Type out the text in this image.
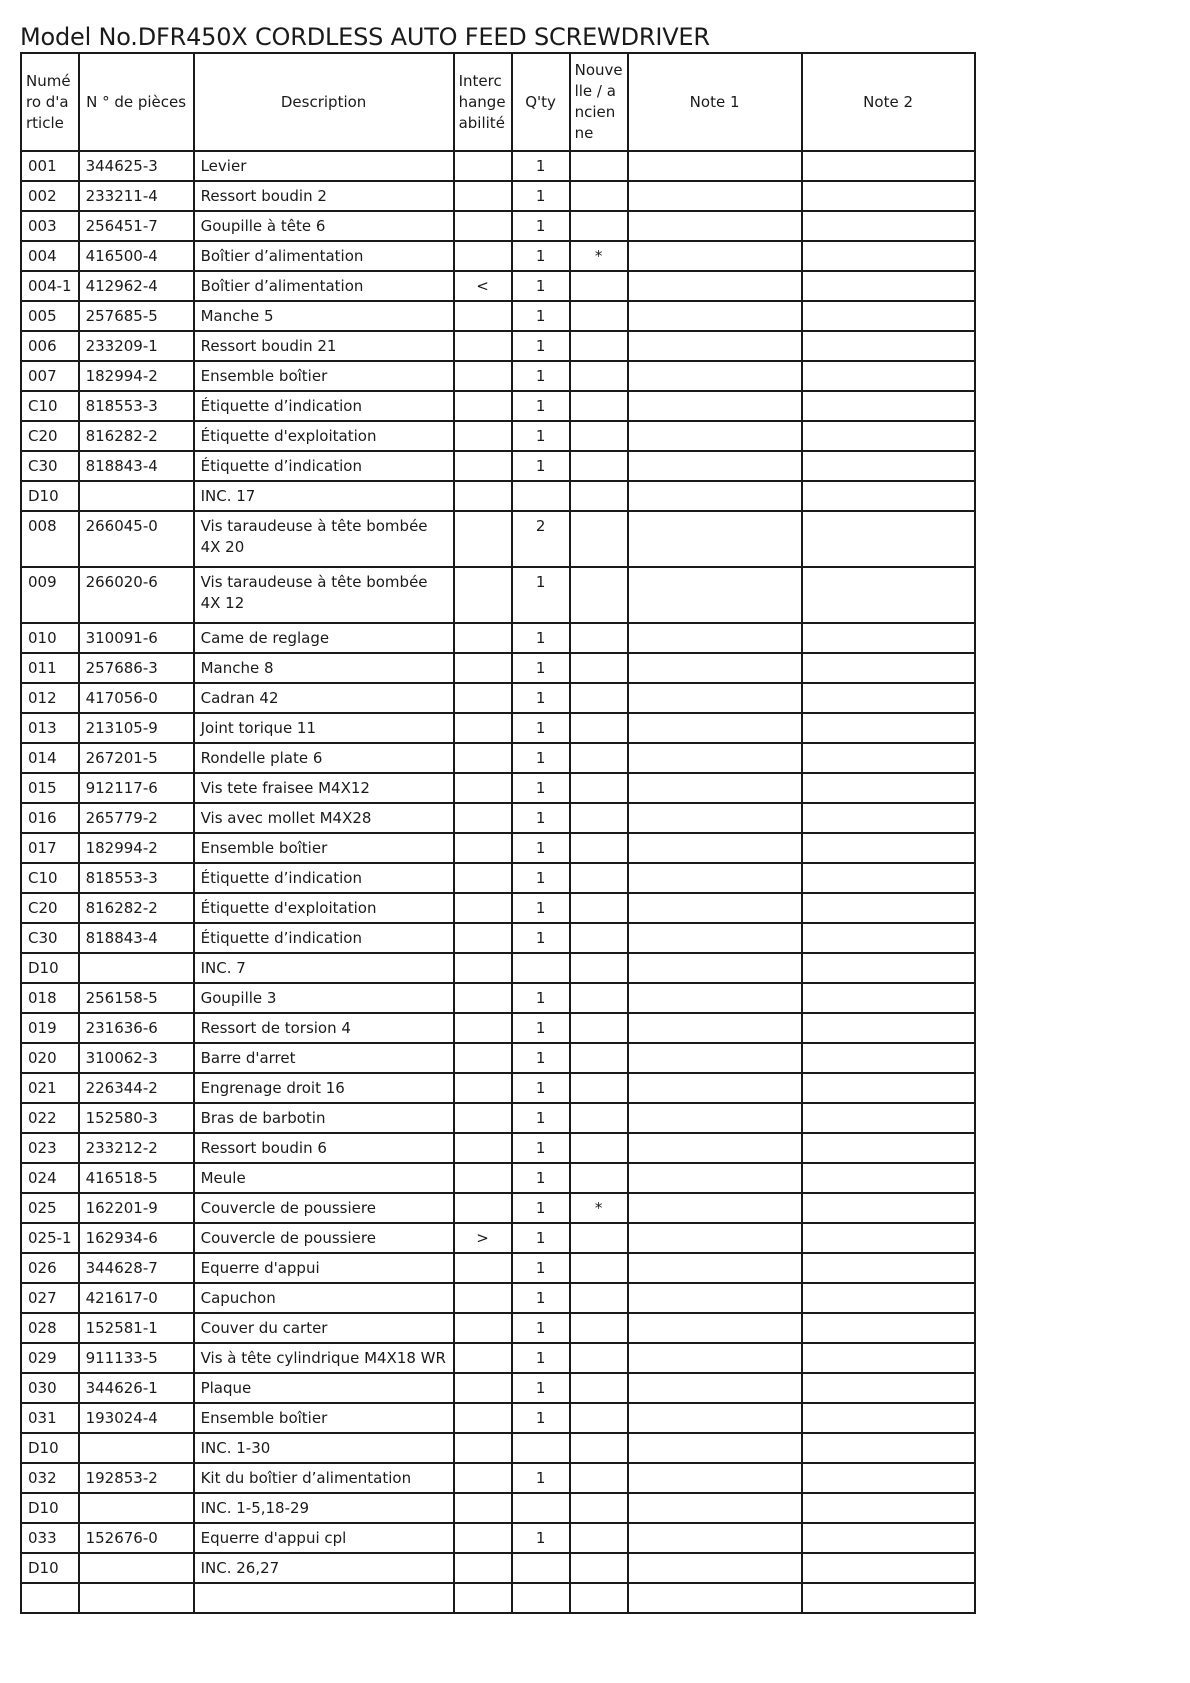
Model No.DFR450X CORDLESS AUTO FEED SCREWDRIVER
Numéro d'article	N ° de pièces	Description	Interchangeabilité	Q'ty	Nouvelle / ancienne	Note 1	Note 2
001	344625-3	Levier		1			
002	233211-4	Ressort boudin 2		1			
003	256451-7	Goupille à tête 6		1			
004	416500-4	Boîtier d’alimentation		1	*		
004-1	412962-4	Boîtier d’alimentation	<	1			
005	257685-5	Manche 5		1			
006	233209-1	Ressort boudin 21		1			
007	182994-2	Ensemble boîtier		1			
C10	818553-3	Étiquette d’indication		1			
C20	816282-2	Étiquette d'exploitation		1			
C30	818843-4	Étiquette d’indication		1			
D10		INC. 17					
008	266045-0	Vis taraudeuse à tête bombée 4X 20		2			
009	266020-6	Vis taraudeuse à tête bombée 4X 12		1			
010	310091-6	Came de reglage		1			
011	257686-3	Manche 8		1			
012	417056-0	Cadran 42		1			
013	213105-9	Joint torique 11		1			
014	267201-5	Rondelle plate 6		1			
015	912117-6	Vis tete fraisee M4X12		1			
016	265779-2	Vis avec mollet M4X28		1			
017	182994-2	Ensemble boîtier		1			
C10	818553-3	Étiquette d’indication		1			
C20	816282-2	Étiquette d'exploitation		1			
C30	818843-4	Étiquette d’indication		1			
D10		INC. 7					
018	256158-5	Goupille 3		1			
019	231636-6	Ressort de torsion 4		1			
020	310062-3	Barre d'arret		1			
021	226344-2	Engrenage droit 16		1			
022	152580-3	Bras de barbotin		1			
023	233212-2	Ressort boudin 6		1			
024	416518-5	Meule		1			
025	162201-9	Couvercle de poussiere		1	*		
025-1	162934-6	Couvercle de poussiere	>	1			
026	344628-7	Equerre d'appui		1			
027	421617-0	Capuchon		1			
028	152581-1	Couver du carter		1			
029	911133-5	Vis à tête cylindrique M4X18 WR		1			
030	344626-1	Plaque		1			
031	193024-4	Ensemble boîtier		1			
D10		INC. 1-30					
032	192853-2	Kit du boîtier d’alimentation		1			
D10		INC. 1-5,18-29					
033	152676-0	Equerre d'appui cpl		1			
D10		INC. 26,27					
